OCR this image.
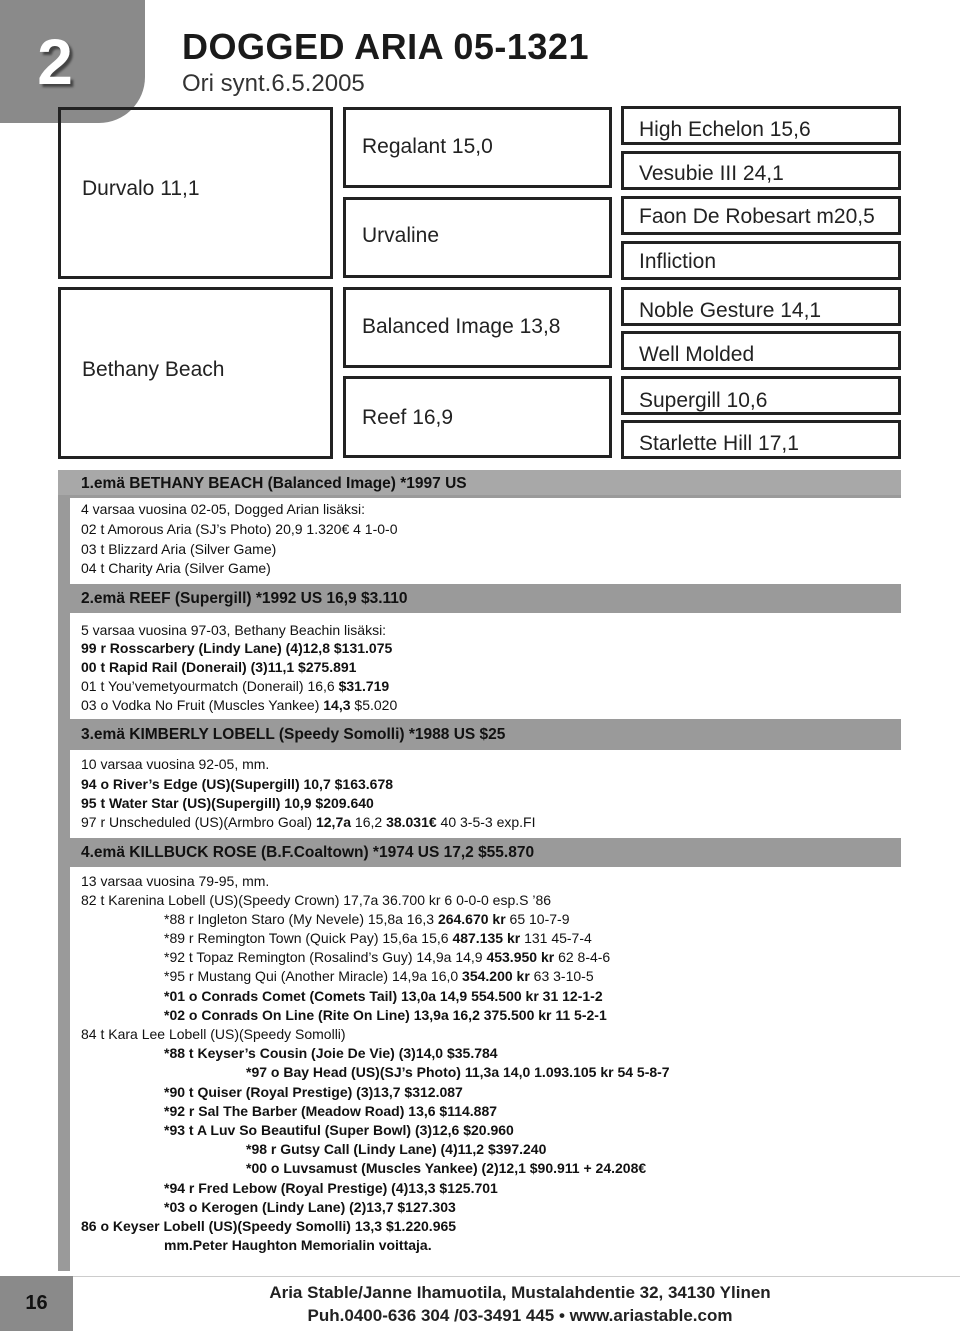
2	DOGGED ARIA 05-1321
Ori synt.6.5.2005
Durvalo 11,1
Bethany Beach
Regalant 15,0
Urvaline
Balanced Image 13,8
Reef 16,9
High Echelon 15,6
Vesubie III 24,1
Faon De Robesart m20,5
Infliction
Noble Gesture 14,1
Well Molded
Supergill 10,6
Starlette Hill 17,1
1.emä BETHANY BEACH (Balanced Image) *1997 US
4 varsaa vuosina 02-05, Dogged Arian lisäksi:
02 t Amorous Aria (SJ’s Photo) 20,9 1.320€ 4 1-0-0
03 t Blizzard Aria (Silver Game)
04 t Charity Aria (Silver Game)
2.emä REEF (Supergill) *1992 US 16,9 $3.110
5 varsaa vuosina 97-03, Bethany Beachin lisäksi:
99 r Rosscarbery (Lindy Lane) (4)12,8 $131.075
00 t Rapid Rail (Donerail) (3)11,1 $275.891
01 t You’vemetyourmatch (Donerail) 16,6 $31.719
03 o Vodka No Fruit (Muscles Yankee) 14,3 $5.020
3.emä KIMBERLY LOBELL (Speedy Somolli) *1988 US $25
10 varsaa vuosina 92-05, mm.
94 o River’s Edge (US)(Supergill) 10,7 $163.678
95 t Water Star (US)(Supergill) 10,9 $209.640
97 r Unscheduled (US)(Armbro Goal) 12,7a 16,2 38.031€ 40 3-5-3 exp.FI
4.emä KILLBUCK ROSE (B.F.Coaltown) *1974 US 17,2 $55.870
13 varsaa vuosina 79-95, mm.
82 t Karenina Lobell (US)(Speedy Crown) 17,7a 36.700 kr 6 0-0-0 esp.S ’86
*88 r Ingleton Staro (My Nevele) 15,8a 16,3 264.670 kr 65 10-7-9
*89 r Remington Town (Quick Pay) 15,6a 15,6 487.135 kr 131 45-7-4
*92 t Topaz Remington (Rosalind’s Guy) 14,9a 14,9 453.950 kr 62 8-4-6
*95 r Mustang Qui (Another Miracle) 14,9a 16,0 354.200 kr 63 3-10-5
*01 o Conrads Comet (Comets Tail) 13,0a 14,9 554.500 kr 31 12-1-2
*02 o Conrads On Line (Rite On Line) 13,9a 16,2 375.500 kr 11 5-2-1
84 t Kara Lee Lobell (US)(Speedy Somolli)
*88 t Keyser’s Cousin (Joie De Vie) (3)14,0 $35.784
*97 o Bay Head (US)(SJ’s Photo) 11,3a 14,0 1.093.105 kr 54 5-8-7
*90 t Quiser (Royal Prestige) (3)13,7 $312.087
*92 r Sal The Barber (Meadow Road) 13,6 $114.887
*93 t A Luv So Beautiful (Super Bowl) (3)12,6 $20.960
*98 r Gutsy Call (Lindy Lane) (4)11,2 $397.240
*00 o Luvsamust (Muscles Yankee) (2)12,1 $90.911 + 24.208€
*94 r Fred Lebow (Royal Prestige) (4)13,3 $125.701
*03 o Kerogen (Lindy Lane) (2)13,7 $127.303
86 o Keyser Lobell (US)(Speedy Somolli) 13,3 $1.220.965
mm.Peter Haughton Memorialin voittaja.
16	Aria Stable/Janne Ihamuotila, Mustalahdentie 32, 34130 Ylinen
Puh.0400-636 304 /03-3491 445 • www.ariastable.com
